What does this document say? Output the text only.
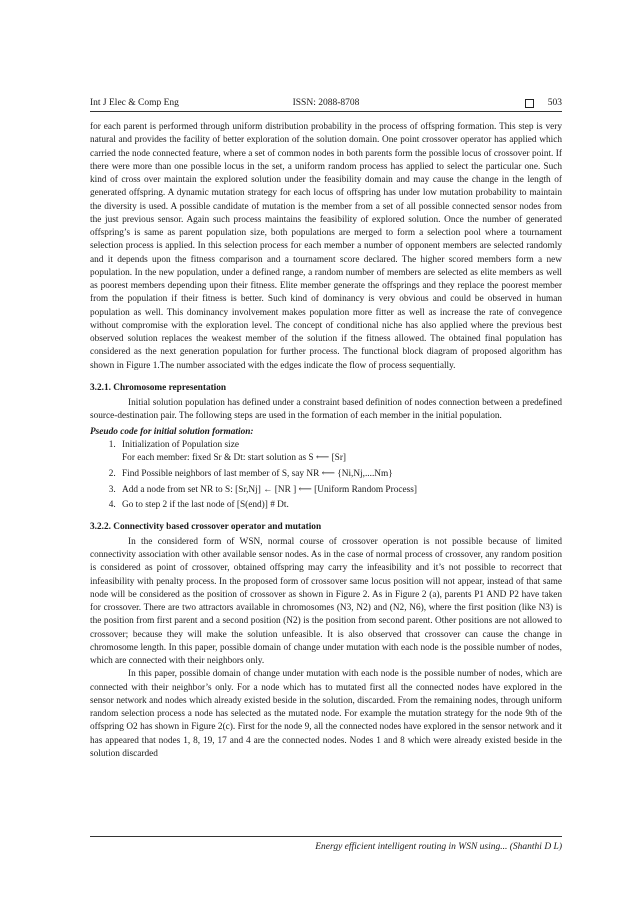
Int J Elec & Comp Eng	ISSN: 2088-8708	503

for each parent is performed through uniform distribution probability in the process of offspring formation. This step is very natural and provides the facility of better exploration of the solution domain. One point crossover operator has applied which carried the node connected feature, where a set of common nodes in both parents form the possible locus of crossover point. If there were more than one possible locus in the set, a uniform random process has applied to select the particular one. Such kind of cross over maintain the explored solution under the feasibility domain and may cause the change in the length of generated offspring. A dynamic mutation strategy for each locus of offspring has under low mutation probability to maintain the diversity is used. A possible candidate of mutation is the member from a set of all possible connected sensor nodes from the just previous sensor. Again such process maintains the feasibility of explored solution. Once the number of generated offspring’s is same as parent population size, both populations are merged to form a selection pool where a tournament selection process is applied. In this selection process for each member a number of opponent members are selected randomly and it depends upon the fitness comparison and a tournament score declared. The higher scored members form a new population. In the new population, under a defined range, a random number of members are selected as elite members as well as poorest members depending upon their fitness. Elite member generate the offsprings and they replace the poorest member from the population if their fitness is better. Such kind of dominancy is very obvious and could be observed in human population as well. This dominancy involvement makes population more fitter as well as increase the rate of convegence without compromise with the exploration level. The concept of conditional niche has also applied where the previous best observed solution replaces the weakest member of the solution if the fitness allowed. The obtained final population has considered as the next generation population for further process. The functional block diagram of proposed algorithm has shown in Figure 1.The number associated with the edges indicate the flow of process sequentially.

3.2.1. Chromosome representation

Initial solution population has defined under a constraint based definition of nodes connection between a predefined source-destination pair. The following steps are used in the formation of each member in the initial population.

Pseudo code for initial solution formation:
1. Initialization of Population size
For each member: fixed Sr & Dt: start solution as S ⟵ [Sr]
2. Find Possible neighbors of last member of S, say NR ⟵ {Ni,Nj,....Nm}
3. Add a node from set NR to S: [Sr,Nj] ← [NR ] ⟵ [Uniform Random Process]
4. Go to step 2 if the last node of [S(end)] # Dt.
3.2.2. Connectivity based crossover operator and mutation

In the considered form of WSN, normal course of crossover operation is not possible because of limited connectivity association with other available sensor nodes. As in the case of normal process of crossover, any random position is considered as point of crossover, obtained offspring may carry the infeasibility and it’s not possible to recorrect that infeasibility with penalty process. In the proposed form of crossover same locus position will not appear, instead of that same node will be considered as the position of crossover as shown in Figure 2. As in Figure 2 (a), parents P1 AND P2 have taken for crossover. There are two attractors available in chromosomes (N3, N2) and (N2, N6), where the first position (like N3) is the position from first parent and a second position (N2) is the position from second parent. Other positions are not allowed to crossover; because they will make the solution unfeasible. It is also observed that crossover can cause the change in chromosome length. In this paper, possible domain of change under mutation with each node is the possible number of nodes, which are connected with their neighbors only.

In this paper, possible domain of change under mutation with each node is the possible number of nodes, which are connected with their neighbor’s only. For a node which has to mutated first all the connected nodes have explored in the sensor network and nodes which already existed beside in the solution, discarded. From the remaining nodes, through uniform random selection process a node has selected as the mutated node. For example the mutation strategy for the node 9th of the offspring O2 has shown in Figure 2(c). First for the node 9, all the connected nodes have explored in the sensor network and it has appeared that nodes 1, 8, 19, 17 and 4 are the connected nodes. Nodes 1 and 8 which were already existed beside in the solution discarded

Energy efficient intelligent routing in WSN using... (Shanthi D L)
